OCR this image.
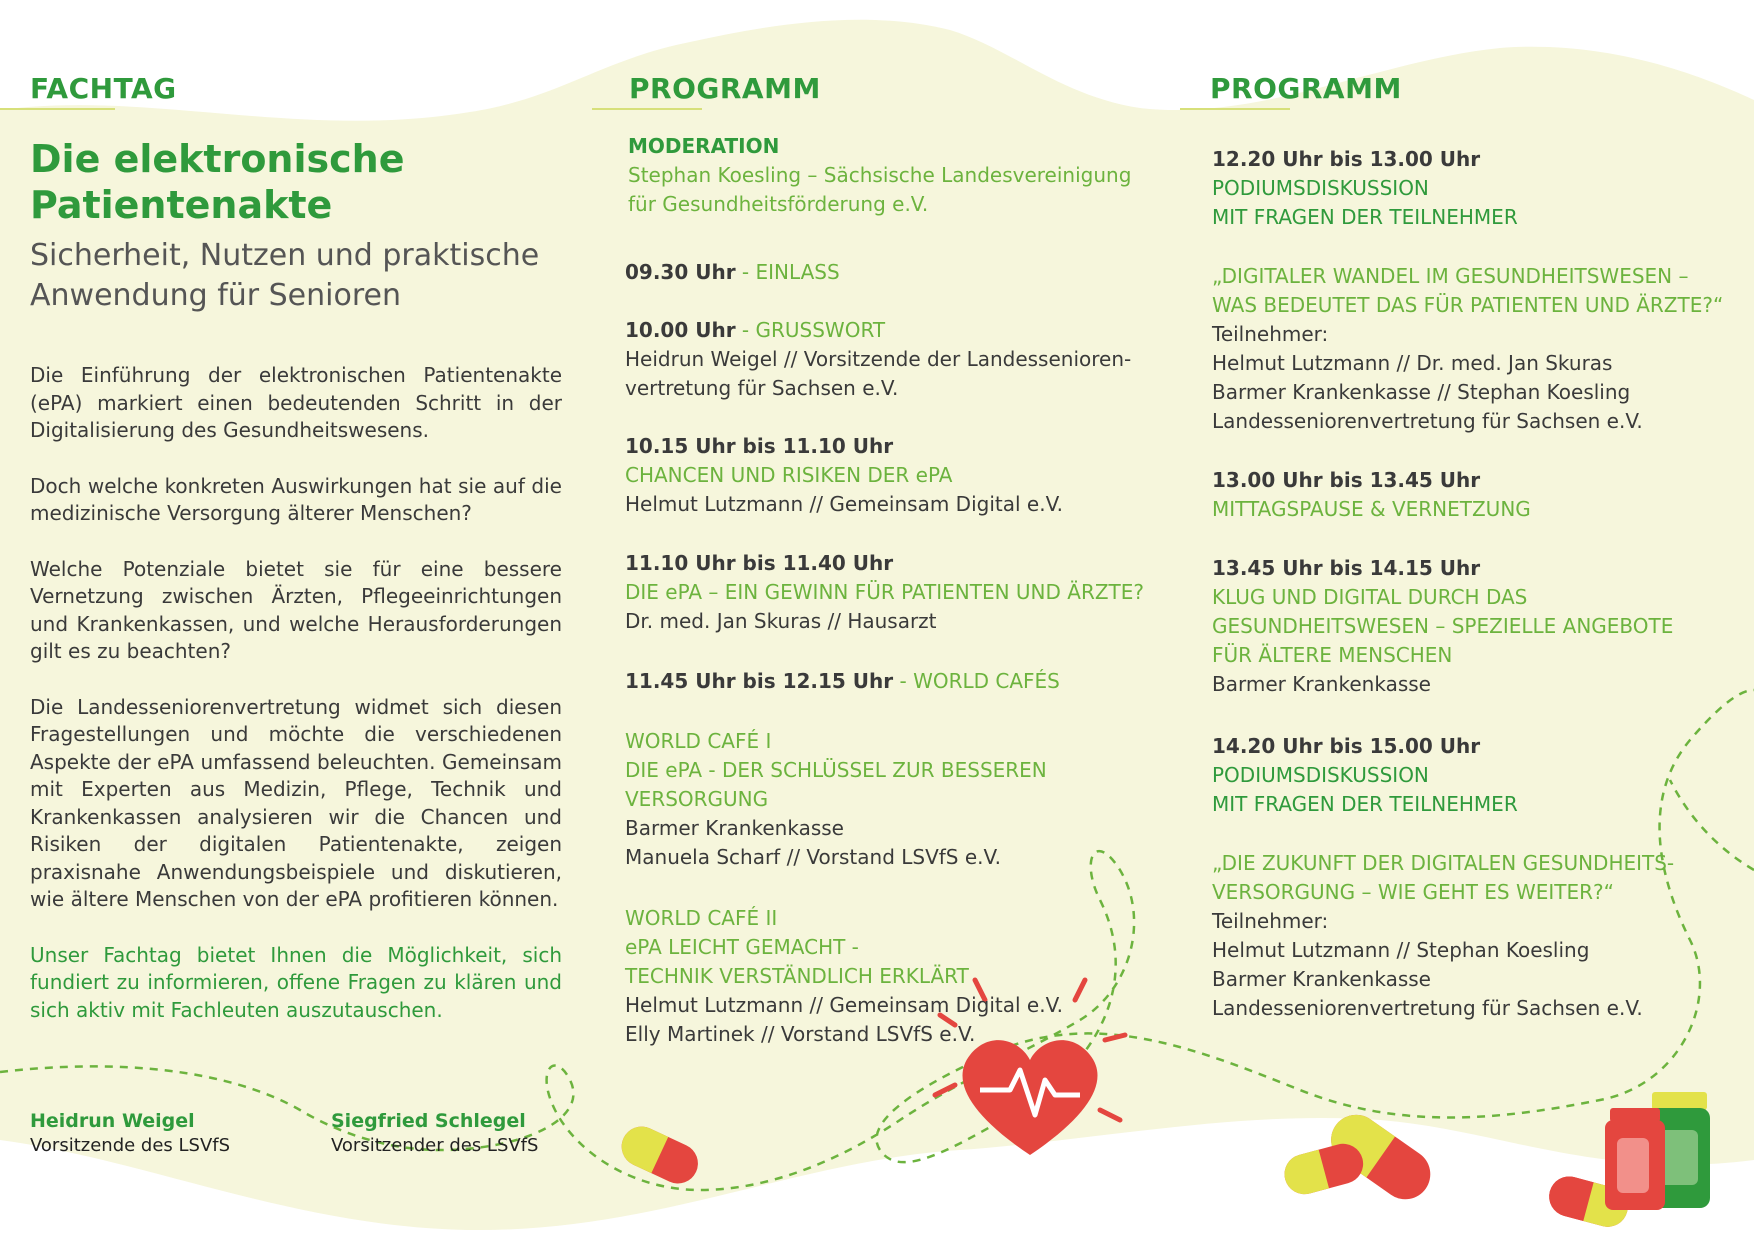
FACHTAG
Die elektronische
Patientenakte
Sicherheit, Nutzen und praktische
Anwendung für Senioren

Die Einführung der elektronischen Patientenakte (ePA) markiert einen bedeutenden Schritt in der Digitalisierung des Gesundheitswesens.

Doch welche konkreten Auswirkungen hat sie auf die medizinische Versorgung älterer Menschen?

Welche Potenziale bietet sie für eine bessere Vernetzung zwischen Ärzten, Pflegeeinrichtungen und Krankenkassen, und welche Herausforderungen gilt es zu beachten?

Die Landesseniorenvertretung widmet sich diesen Fragestellungen und möchte die verschiedenen Aspekte der ePA umfassend beleuchten. Gemeinsam mit Experten aus Medizin, Pflege, Technik und Krankenkassen analysieren wir die Chancen und Risiken der digitalen Patientenakte, zeigen praxisnahe Anwendungsbeispiele und diskutieren, wie ältere Menschen von der ePA profitieren können.

Unser Fachtag bietet Ihnen die Möglichkeit, sich fundiert zu informieren, offene Fragen zu klären und sich aktiv mit Fachleuten auszutauschen.

Heidrun Weigel
Vorsitzende des LSVfS
Siegfried Schlegel
Vorsitzender des LSVfS
PROGRAMM
MODERATION
Stephan Koesling – Sächsische Landesvereinigung
für Gesundheitsförderung e.V.
09.30 Uhr - EINLASS
10.00 Uhr - GRUSSWORT
Heidrun Weigel // Vorsitzende der Landessenioren-
vertretung für Sachsen e.V.
10.15 Uhr bis 11.10 Uhr
CHANCEN UND RISIKEN DER ePA
Helmut Lutzmann // Gemeinsam Digital e.V.
11.10 Uhr bis 11.40 Uhr
DIE ePA – EIN GEWINN FÜR PATIENTEN UND ÄRZTE?
Dr. med. Jan Skuras // Hausarzt
11.45 Uhr bis 12.15 Uhr - WORLD CAFÉS
WORLD CAFÉ I
DIE ePA - DER SCHLÜSSEL ZUR BESSEREN
VERSORGUNG
Barmer Krankenkasse
Manuela Scharf // Vorstand LSVfS e.V.
WORLD CAFÉ II
ePA LEICHT GEMACHT -
TECHNIK VERSTÄNDLICH ERKLÄRT
Helmut Lutzmann // Gemeinsam Digital e.V.
Elly Martinek // Vorstand LSVfS e.V.
PROGRAMM
12.20 Uhr bis 13.00 Uhr
PODIUMSDISKUSSION
MIT FRAGEN DER TEILNEHMER
„DIGITALER WANDEL IM GESUNDHEITSWESEN –
WAS BEDEUTET DAS FÜR PATIENTEN UND ÄRZTE?“
Teilnehmer:
Helmut Lutzmann // Dr. med. Jan Skuras
Barmer Krankenkasse // Stephan Koesling
Landesseniorenvertretung für Sachsen e.V.
13.00 Uhr bis 13.45 Uhr
MITTAGSPAUSE & VERNETZUNG
13.45 Uhr bis 14.15 Uhr
KLUG UND DIGITAL DURCH DAS
GESUNDHEITSWESEN – SPEZIELLE ANGEBOTE
FÜR ÄLTERE MENSCHEN
Barmer Krankenkasse
14.20 Uhr bis 15.00 Uhr
PODIUMSDISKUSSION
MIT FRAGEN DER TEILNEHMER
„DIE ZUKUNFT DER DIGITALEN GESUNDHEITS-
VERSORGUNG – WIE GEHT ES WEITER?“
Teilnehmer:
Helmut Lutzmann // Stephan Koesling
Barmer Krankenkasse
Landesseniorenvertretung für Sachsen e.V.
